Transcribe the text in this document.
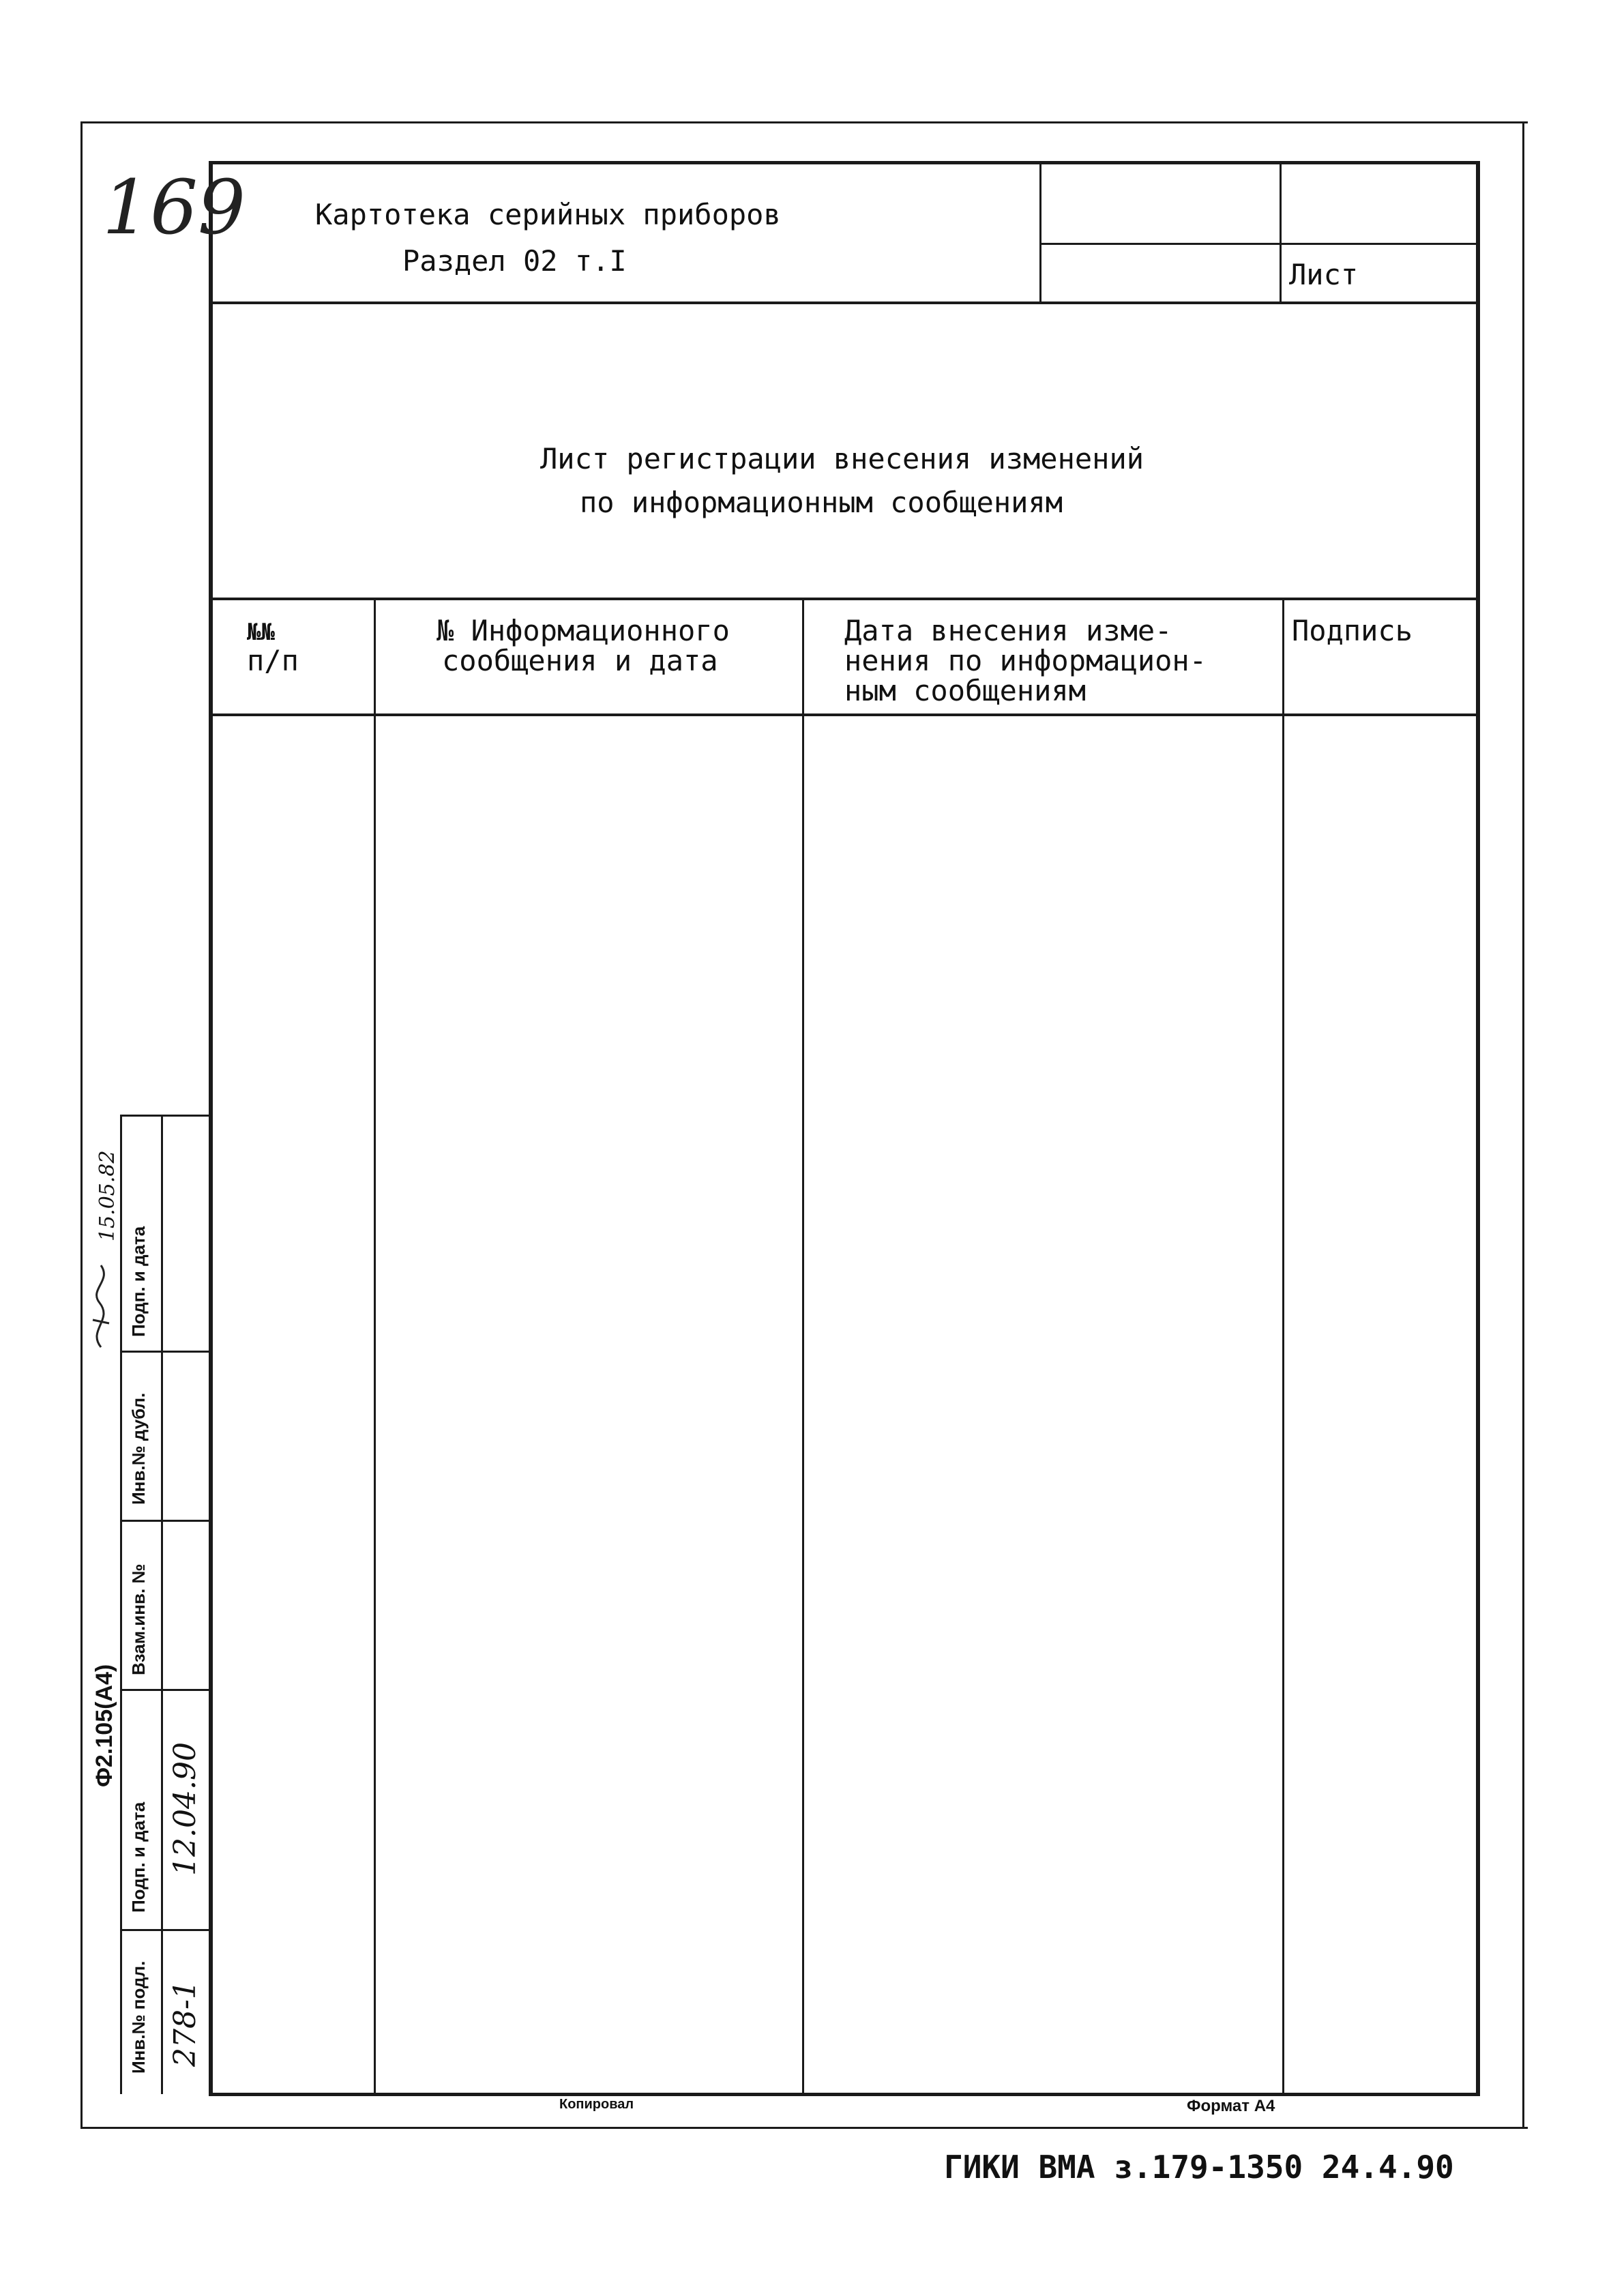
169 Картотека серийных приборов
Раздел 02 т.I	Лист
Лист регистрации внесения изменений
по информационным сообщениям
№№
п/п
№ Информационного
сообщения и дата
Дата внесения изме-
нения по информацион-
ным сообщениям
Подпись
Инв.№ подл.
Подп. и дата
Взам.инв. №
Инв.№ дубл.
Подп. и дата
278-1
12.04.90
Ф2.105(А4)
15.05.82
Копировал	Формат А4
ГИКИ ВМА з.179-1350 24.4.90
